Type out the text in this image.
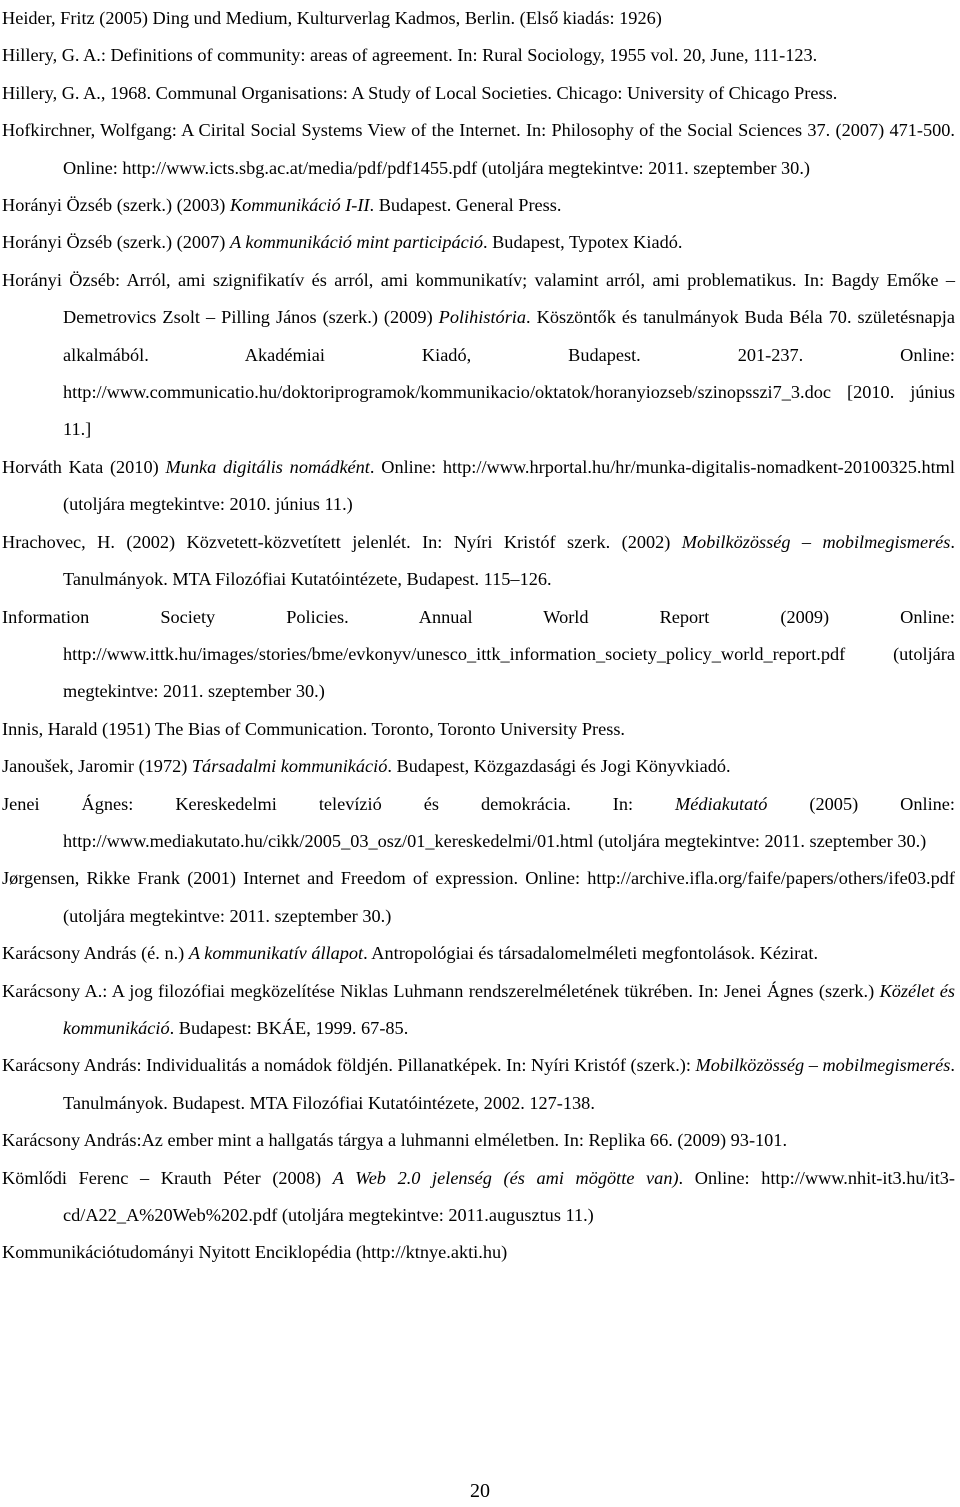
Heider, Fritz (2005) Ding und Medium, Kulturverlag Kadmos, Berlin. (Első kiadás: 1926)

Hillery, G. A.: Definitions of community: areas of agreement. In: Rural Sociology, 1955 vol. 20, June, 111-123.

Hillery, G. A., 1968. Communal Organisations: A Study of Local Societies. Chicago: University of Chicago Press.

Hofkirchner, Wolfgang: A Cirital Social Systems View of the Internet. In: Philosophy of the Social Sciences 37. (2007) 471-500. Online: http://www.icts.sbg.ac.at/media/pdf/pdf1455.pdf (utoljára megtekintve: 2011. szeptember 30.)

Horányi Özséb (szerk.) (2003) Kommunikáció I-II. Budapest. General Press.

Horányi Özséb (szerk.) (2007) A kommunikáció mint participáció. Budapest, Typotex Kiadó.

Horányi Özséb: Arról, ami szignifikatív és arról, ami kommunikatív; valamint arról, ami problematikus. In: Bagdy Emőke – Demetrovics Zsolt – Pilling János (szerk.) (2009) Polihistória. Köszöntők és tanulmányok Buda Béla 70. születésnapja alkalmából. Akadémiai Kiadó, Budapest. 201-237. Online: http://www.communicatio.hu/doktoriprogramok/kommunikacio/oktatok/horanyiozseb/szinopsszi7_3.doc [2010. június 11.]

Horváth Kata (2010) Munka digitális nomádként. Online: http://www.hrportal.hu/hr/munka-digitalis-nomadkent-20100325.html (utoljára megtekintve: 2010. június 11.)

Hrachovec, H. (2002) Közvetett-közvetített jelenlét. In: Nyíri Kristóf szerk. (2002) Mobilközösség – mobilmegismerés. Tanulmányok. MTA Filozófiai Kutatóintézete, Budapest. 115–126.

Information Society Policies. Annual World Report (2009) Online: http://www.ittk.hu/images/stories/bme/evkonyv/unesco_ittk_information_society_policy_world_report.pdf (utoljára megtekintve: 2011. szeptember 30.)

Innis, Harald (1951) The Bias of Communication. Toronto, Toronto University Press.

Janoušek, Jaromir (1972) Társadalmi kommunikáció. Budapest, Közgazdasági és Jogi Könyvkiadó.

Jenei Ágnes: Kereskedelmi televízió és demokrácia. In: Médiakutató (2005) Online: http://www.mediakutato.hu/cikk/2005_03_osz/01_kereskedelmi/01.html (utoljára megtekintve: 2011. szeptember 30.)

Jørgensen, Rikke Frank (2001) Internet and Freedom of expression. Online: http://archive.ifla.org/faife/papers/others/ife03.pdf (utoljára megtekintve: 2011. szeptember 30.)

Karácsony András (é. n.) A kommunikatív állapot. Antropológiai és társadalomelméleti megfontolások. Kézirat.

Karácsony A.: A jog filozófiai megközelítése Niklas Luhmann rendszerelméletének tükrében. In: Jenei Ágnes (szerk.) Közélet és kommunikáció. Budapest: BKÁE, 1999. 67-85.

Karácsony András: Individualitás a nomádok földjén. Pillanatképek. In: Nyíri Kristóf (szerk.): Mobilközösség – mobilmegismerés. Tanulmányok. Budapest. MTA Filozófiai Kutatóintézete, 2002. 127-138.

Karácsony András:Az ember mint a hallgatás tárgya a luhmanni elméletben. In: Replika 66. (2009) 93-101.

Kömlődi Ferenc – Krauth Péter (2008) A Web 2.0 jelenség (és ami mögötte van). Online: http://www.nhit-it3.hu/it3-cd/A22_A%20Web%202.pdf (utoljára megtekintve: 2011.augusztus 11.)

Kommunikációtudományi Nyitott Enciklopédia (http://ktnye.akti.hu)

20
